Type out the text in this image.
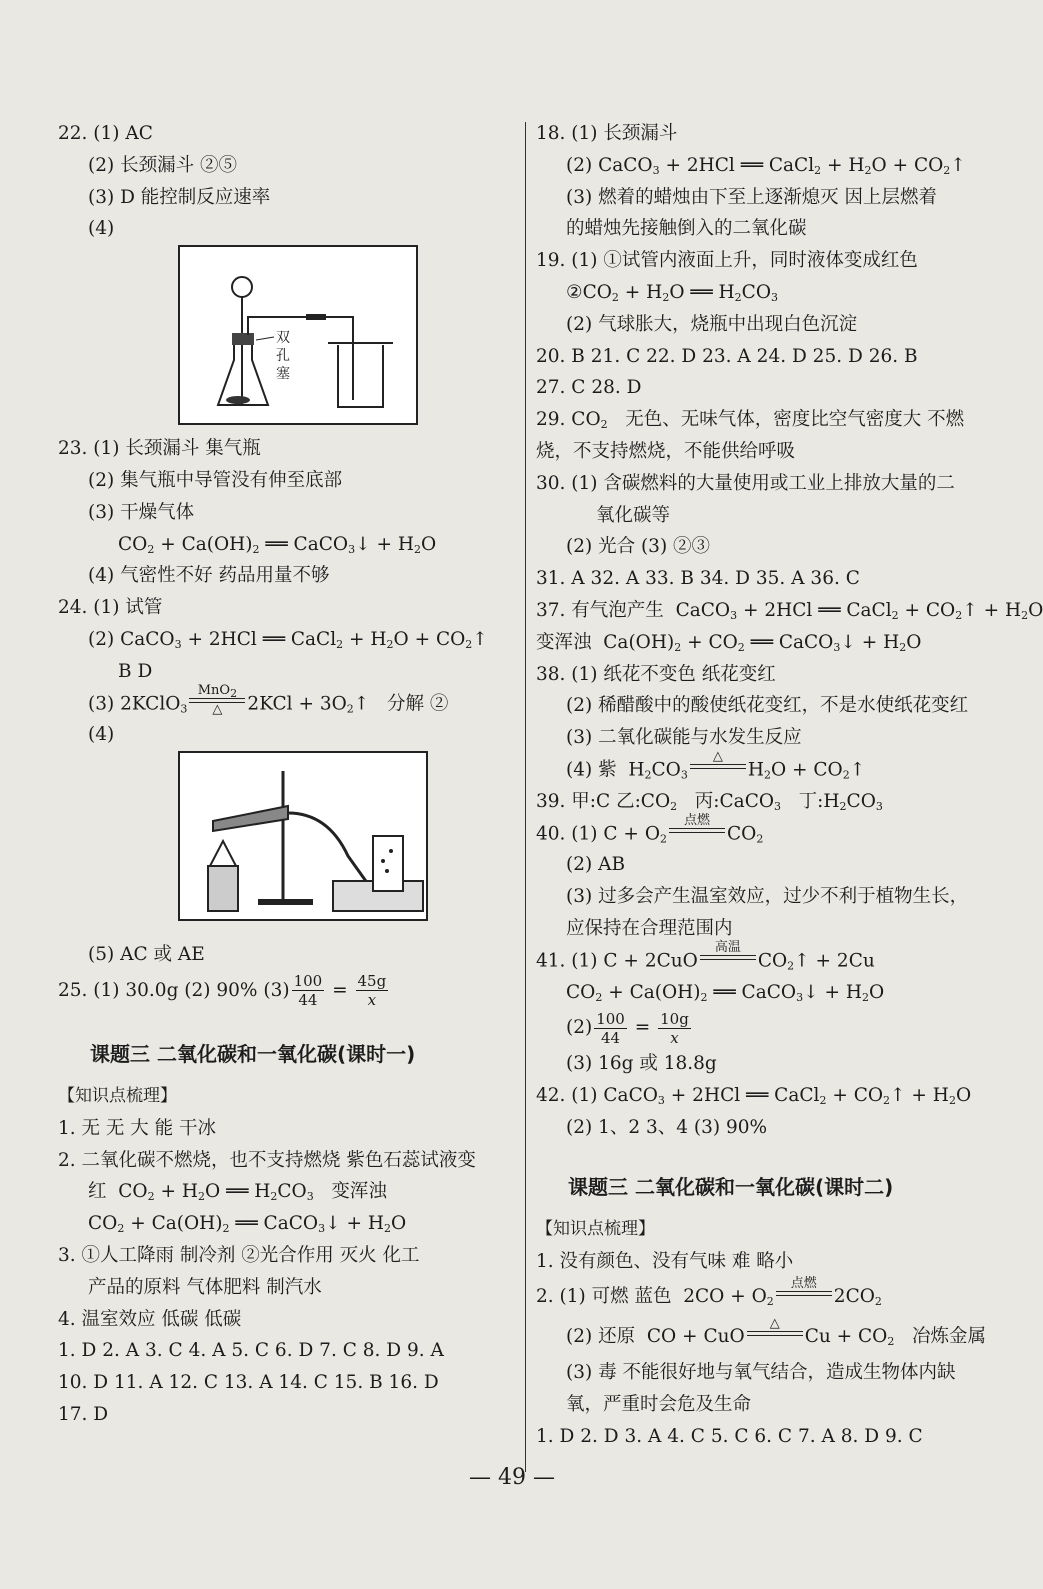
22. (1) AC
(2) 长颈漏斗 ②⑤
(3) D 能控制反应速率
(4)
双
孔
塞
23. (1) 长颈漏斗 集气瓶
(2) 集气瓶中导管没有伸至底部
(3) 干燥气体
$CO_2 + Ca(OH)_2$ ══ CaCO$_3$↓ + $H_2O$
(4) 气密性不好 药品用量不够
24. (1) 试管
(2) CaCO$_3$ + 2HCl ══ CaCl$_2$ + $H_2O$ + $CO_2↑$
B D
(3) 2KClO$_3$
MnO$_2$
△	$2KCl + 3O_2↑$   分解 ②
(4)
(5) AC 或 AE
25. (1) 30.0g (2) 90% $(3) \frac{100}{44} = \frac{45g}{x}$
课题三 二氧化碳和一氧化碳(课时一)
【知识点梳理】
1. 无 无 大 能 干冰
2. 二氧化碳不燃烧，也不支持燃烧 紫色石蕊试液变
红  $CO_2 + H_2O$ ══ $H_2CO_3$ 变浑浊
$CO_2 + Ca(OH)_2$ ══ CaCO$_3$↓ + $H_2O$
3. ①人工降雨 制冷剂 ②光合作用 灭火 化工
产品的原料 气体肥料 制汽水
4. 温室效应 低碳 低碳
1. D 2. A 3. C 4. A 5. C 6. D 7. C 8. D 9. A
10. D 11. A 12. C 13. A 14. C 15. B 16. D
17. D
18. (1) 长颈漏斗
(2) CaCO$_3$ + 2HCl ══ CaCl$_2$ + $H_2O$ + $CO_2↑$
(3) 燃着的蜡烛由下至上逐渐熄灭 因上层燃着
的蜡烛先接触倒入的二氧化碳
19. (1) ①试管内液面上升，同时液体变成红色
$②CO_2 + H_2O$ ══ $H_2CO_3$
(2) 气球胀大，烧瓶中出现白色沉淀
20. B 21. C 22. D 23. A 24. D 25. D 26. B
27. C 28. D
29. $CO_2$ 无色、无味气体，密度比空气密度大 不燃
烧，不支持燃烧，不能供给呼吸
30. (1) 含碳燃料的大量使用或工业上排放大量的二
氧化碳等
(2) 光合 (3) ②③
31. A 32. A 33. B 34. D 35. A 36. C
37. 有气泡产生  CaCO$_3$ + 2HCl ══ CaCl$_2$ + $CO_2↑ + H_2O$
变浑浊  $Ca(OH)_2 + CO_2$ ══ CaCO$_3$↓ + $H_2O$
38. (1) 纸花不变色 纸花变红
(2) 稀醋酸中的酸使纸花变红，不是水使纸花变红
(3) 二氧化碳能与水发生反应
(4) 紫  $H_2CO_3$
△
$H_2O$ + $CO_2↑$
39. 甲:C 乙$:CO_2$   丙:CaCO$_3$   丁$:H_2CO_3$
40. (1) $C + O_2$
点燃
$CO_2$
(2) AB
(3) 过多会产生温室效应，过少不利于植物生长，
应保持在合理范围内
41. (1) C + 2CuO
高温
$CO_2↑ + 2Cu$
$CO_2 + Ca(OH)_2$ ══ CaCO$_3$↓ + $H_2O$
$(2) \frac{100}{44} = \frac{10g}{x}$
(3) 16g 或 18.8g
42. (1) CaCO$_3$ + 2HCl ══ CaCl$_2$ + $CO_2↑ + H_2O$
(2) 1、2 3、4 (3) 90%
课题三 二氧化碳和一氧化碳(课时二)
【知识点梳理】
1. 没有颜色、没有气味 难 略小
2. (1) 可燃 蓝色  $2CO + O_2$
点燃
$2CO_2$
(2) 还原  CO + CuO
△
$Cu + CO_2$ 冶炼金属
(3) 毒 不能很好地与氧气结合，造成生物体内缺
氧，严重时会危及生命
1. D 2. D 3. A 4. C 5. C 6. C 7. A 8. D 9. C
— 49 —
